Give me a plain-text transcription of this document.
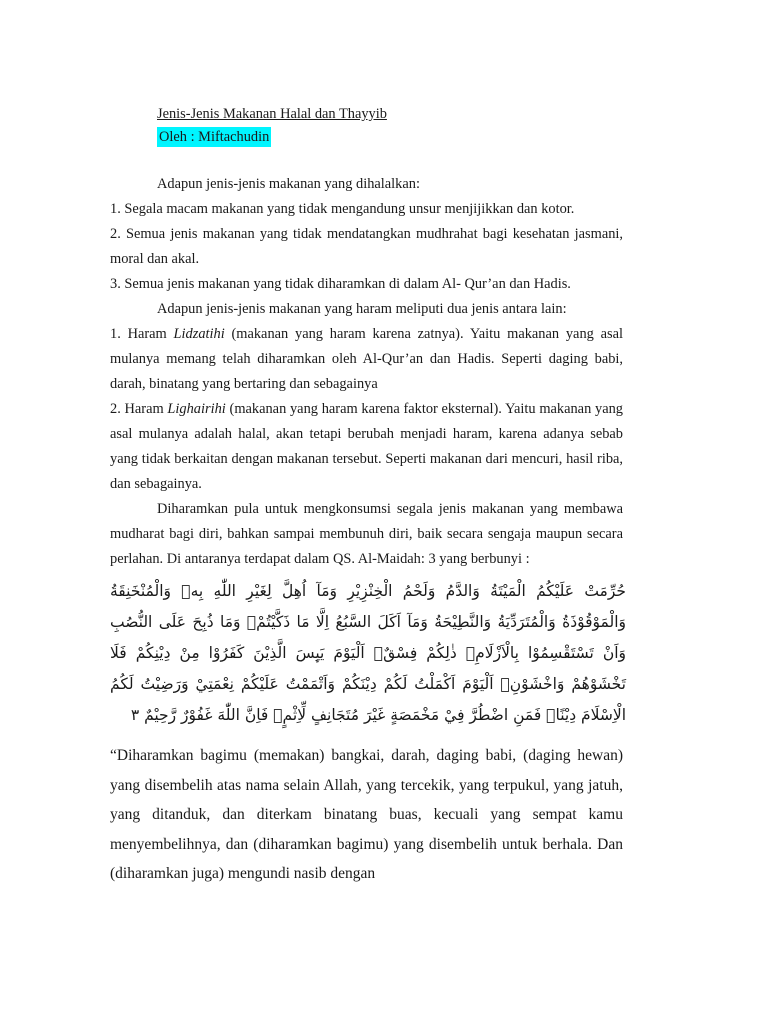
Jenis-Jenis Makanan Halal dan Thayyib
Oleh : Miftachudin

Adapun jenis-jenis makanan yang dihalalkan:

1. Segala macam makanan yang tidak mengandung unsur menjijikkan dan kotor.

2. Semua jenis makanan yang tidak mendatangkan mudhrahat bagi kesehatan jasmani, moral dan akal.

3. Semua jenis makanan yang tidak diharamkan di dalam Al- Qur’an dan Hadis.

Adapun jenis-jenis makanan yang haram meliputi dua jenis antara lain:

1. Haram Lidzatihi (makanan yang haram karena zatnya). Yaitu makanan yang asal mulanya memang telah diharamkan oleh Al-Qur’an dan Hadis. Seperti daging babi, darah, binatang yang bertaring dan sebagainya

2. Haram Lighairihi (makanan yang haram karena faktor eksternal). Yaitu makanan yang asal mulanya adalah halal, akan tetapi berubah menjadi haram, karena adanya sebab yang tidak berkaitan dengan makanan tersebut. Seperti makanan dari mencuri, hasil riba, dan sebagainya.

Diharamkan pula untuk mengkonsumsi segala jenis makanan yang membawa mudharat bagi diri, bahkan sampai membunuh diri, baik secara sengaja maupun secara perlahan. Di antaranya terdapat dalam QS. Al-Maidah: 3 yang berbunyi :

حُرِّمَتْ عَلَيْكُمُ الْمَيْتَةُ وَالدَّمُ وَلَحْمُ الْخِنْزِيْرِ وَمَآ اُهِلَّ لِغَيْرِ اللّٰهِ بِهٖ وَالْمُنْخَنِقَةُ وَالْمَوْقُوْذَةُ وَالْمُتَرَدِّيَةُ وَالنَّطِيْحَةُ وَمَآ اَكَلَ السَّبُعُ اِلَّا مَا ذَكَّيْتُمْۗ وَمَا ذُبِحَ عَلَى النُّصُبِ وَاَنْ تَسْتَقْسِمُوْا بِالْاَزْلَامِۗ ذٰلِكُمْ فِسْقٌۗ اَلْيَوْمَ يَىِٕسَ الَّذِيْنَ كَفَرُوْا مِنْ دِيْنِكُمْ فَلَا تَخْشَوْهُمْ وَاخْشَوْنِۗ اَلْيَوْمَ اَكْمَلْتُ لَكُمْ دِيْنَكُمْ وَاَتْمَمْتُ عَلَيْكُمْ نِعْمَتِيْ وَرَضِيْتُ لَكُمُ الْاِسْلَامَ دِيْنًاۗ فَمَنِ اضْطُرَّ فِيْ مَخْمَصَةٍ غَيْرَ مُتَجَانِفٍ لِّاِثْمٍۙ فَاِنَّ اللّٰهَ غَفُوْرٌ رَّحِيْمٌ ٣

“Diharamkan bagimu (memakan) bangkai, darah, daging babi, (daging hewan) yang disembelih atas nama selain Allah, yang tercekik, yang terpukul, yang jatuh, yang ditanduk, dan diterkam binatang buas, kecuali yang sempat kamu menyembelihnya, dan (diharamkan bagimu) yang disembelih untuk berhala. Dan (diharamkan juga) mengundi nasib dengan
